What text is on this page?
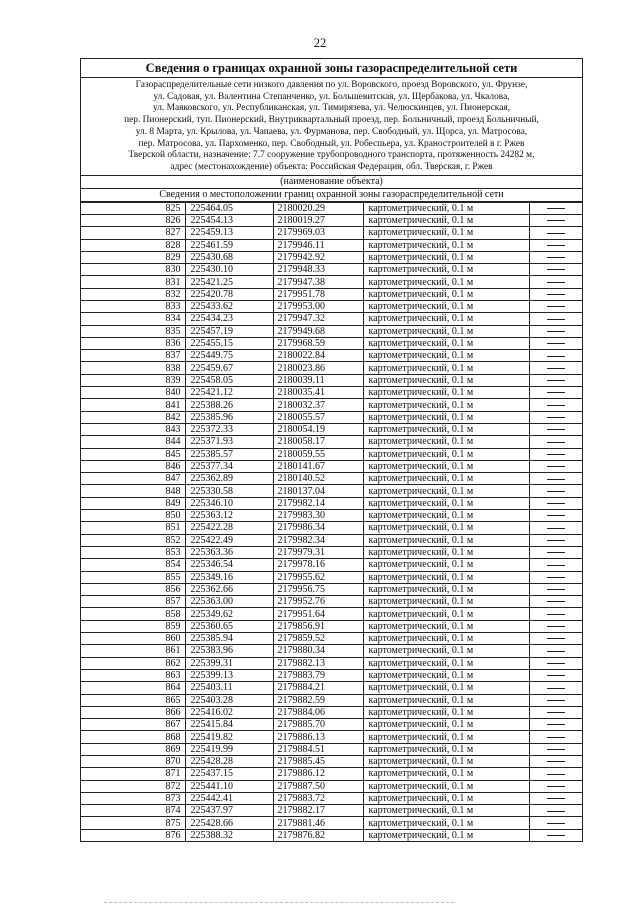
22
Сведения о границах охранной зоны газораспределительной сети
Газораспределительные сети низкого давления по ул. Воровского, проезд Воровского, ул. Фрунзе,
ул. Садовая, ул. Валентина Степанченко, ул. Большевитская, ул. Щербакова, ул. Чкалова,
ул. Маяковского, ул. Республиканская, ул. Тимирязева, ул. Челюскинцев, ул. Пионерская,
пер. Пионерский, туп. Пионерский, Внутриквартальный проезд, пер. Больничный, проезд Больничный,
ул. 8 Марта, ул. Крылова, ул. Чапаева, ул. Фурманова, пер. Свободный, ул. Щорса, ул. Матросова,
пер. Матросова, ул. Пархоменко, пер. Свободный, ул. Робеспьера, ул. Краностроителей в г. Ржев
Тверской области, назначение: 7.7 сооружение трубопроводного транспорта, протяженность 24282 м,
адрес (местонахождение) объекта: Российская Федерация, обл. Тверская, г. Ржев
(наименование объекта)
Сведения о местоположении границ охранной зоны газораспределительной сети
825	225464.05	2180020.29	картометрический, 0.1 м	
826	225454.13	2180019.27	картометрический, 0.1 м	
827	225459.13	2179969.03	картометрический, 0.1 м	
828	225461.59	2179946.11	картометрический, 0.1 м	
829	225430.68	2179942.92	картометрический, 0.1 м	
830	225430.10	2179948.33	картометрический, 0.1 м	
831	225421.25	2179947.38	картометрический, 0.1 м	
832	225420.78	2179951.78	картометрический, 0.1 м	
833	225433.62	2179953.00	картометрический, 0.1 м	
834	225434.23	2179947.32	картометрический, 0.1 м	
835	225457.19	2179949.68	картометрический, 0.1 м	
836	225455.15	2179968.59	картометрический, 0.1 м	
837	225449.75	2180022.84	картометрический, 0.1 м	
838	225459.67	2180023.86	картометрический, 0.1 м	
839	225458.05	2180039.11	картометрический, 0.1 м	
840	225421.12	2180035.41	картометрический, 0.1 м	
841	225388.26	2180032.37	картометрический, 0.1 м	
842	225385.96	2180055.57	картометрический, 0.1 м	
843	225372.33	2180054.19	картометрический, 0.1 м	
844	225371.93	2180058.17	картометрический, 0.1 м	
845	225385.57	2180059.55	картометрический, 0.1 м	
846	225377.34	2180141.67	картометрический, 0.1 м	
847	225362.89	2180140.52	картометрический, 0.1 м	
848	225330.58	2180137.04	картометрический, 0.1 м	
849	225346.10	2179982.14	картометрический, 0.1 м	
850	225363.12	2179983.30	картометрический, 0.1 м	
851	225422.28	2179986.34	картометрический, 0.1 м	
852	225422.49	2179982.34	картометрический, 0.1 м	
853	225363.36	2179979.31	картометрический, 0.1 м	
854	225346.54	2179978.16	картометрический, 0.1 м	
855	225349.16	2179955.62	картометрический, 0.1 м	
856	225362.66	2179956.75	картометрический, 0.1 м	
857	225363.00	2179952.76	картометрический, 0.1 м	
858	225349.62	2179951.64	картометрический, 0.1 м	
859	225360.65	2179856.91	картометрический, 0.1 м	
860	225385.94	2179859.52	картометрический, 0.1 м	
861	225383.96	2179880.34	картометрический, 0.1 м	
862	225399.31	2179882.13	картометрический, 0.1 м	
863	225399.13	2179883.79	картометрический, 0.1 м	
864	225403.11	2179884.21	картометрический, 0.1 м	
865	225403.28	2179882.59	картометрический, 0.1 м	
866	225416.02	2179884.06	картометрический, 0.1 м	
867	225415.84	2179885.70	картометрический, 0.1 м	
868	225419.82	2179886.13	картометрический, 0.1 м	
869	225419.99	2179884.51	картометрический, 0.1 м	
870	225428.28	2179885.45	картометрический, 0.1 м	
871	225437.15	2179886.12	картометрический, 0.1 м	
872	225441.10	2179887.50	картометрический, 0.1 м	
873	225442.41	2179883.72	картометрический, 0.1 м	
874	225437.97	2179882.17	картометрический, 0.1 м	
875	225428.66	2179881.46	картометрический, 0.1 м	
876	225388.32	2179876.82	картометрический, 0.1 м	
